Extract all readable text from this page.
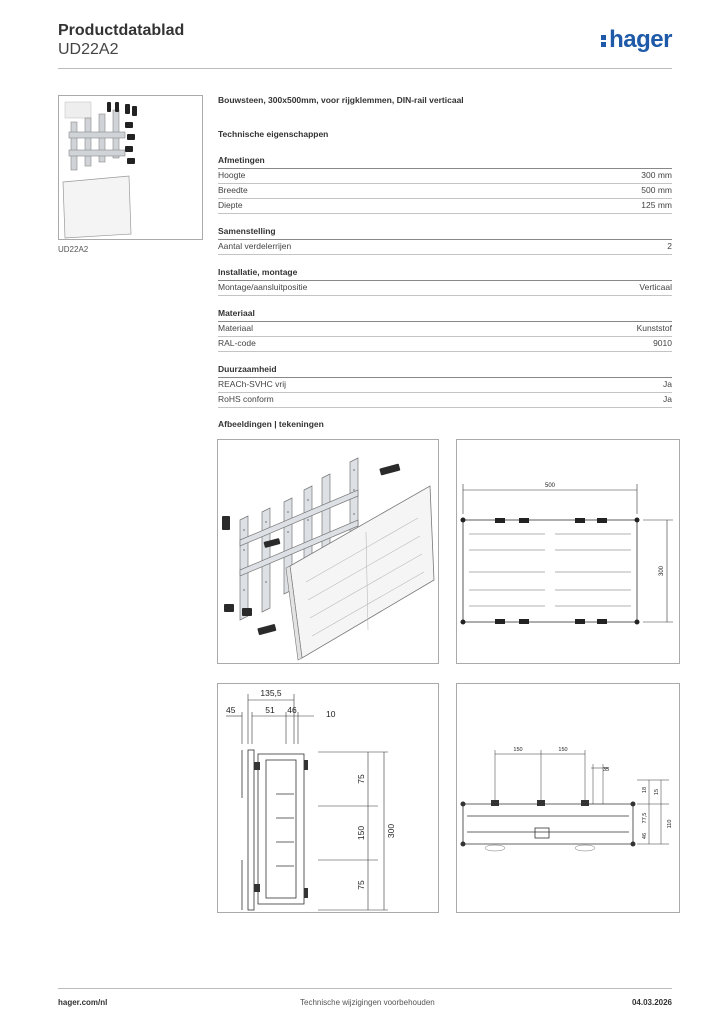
Productdatablad
UD22A2	hager
UD22A2
Bouwsteen, 300x500mm, voor rijgklemmen, DIN-rail verticaal
Technische eigenschappen
Afmetingen
Hoogte	300 mm
Breedte	500 mm
Diepte	125 mm
Samenstelling
Aantal verdelerrijen	2
Installatie, montage
Montage/aansluitpositie	Verticaal
Materiaal
Materiaal	Kunststof
RAL-code	9010
Duurzaamheid
REACh-SVHC vrij	Ja
RoHS conform	Ja
Afbeeldingen | tekeningen
500
300
135,5
45	51 46	10
75
150 300
75
150	150
35
18 15
46
77,5
110
hager.com/nl	Technische wijzigingen voorbehouden	04.03.2026
